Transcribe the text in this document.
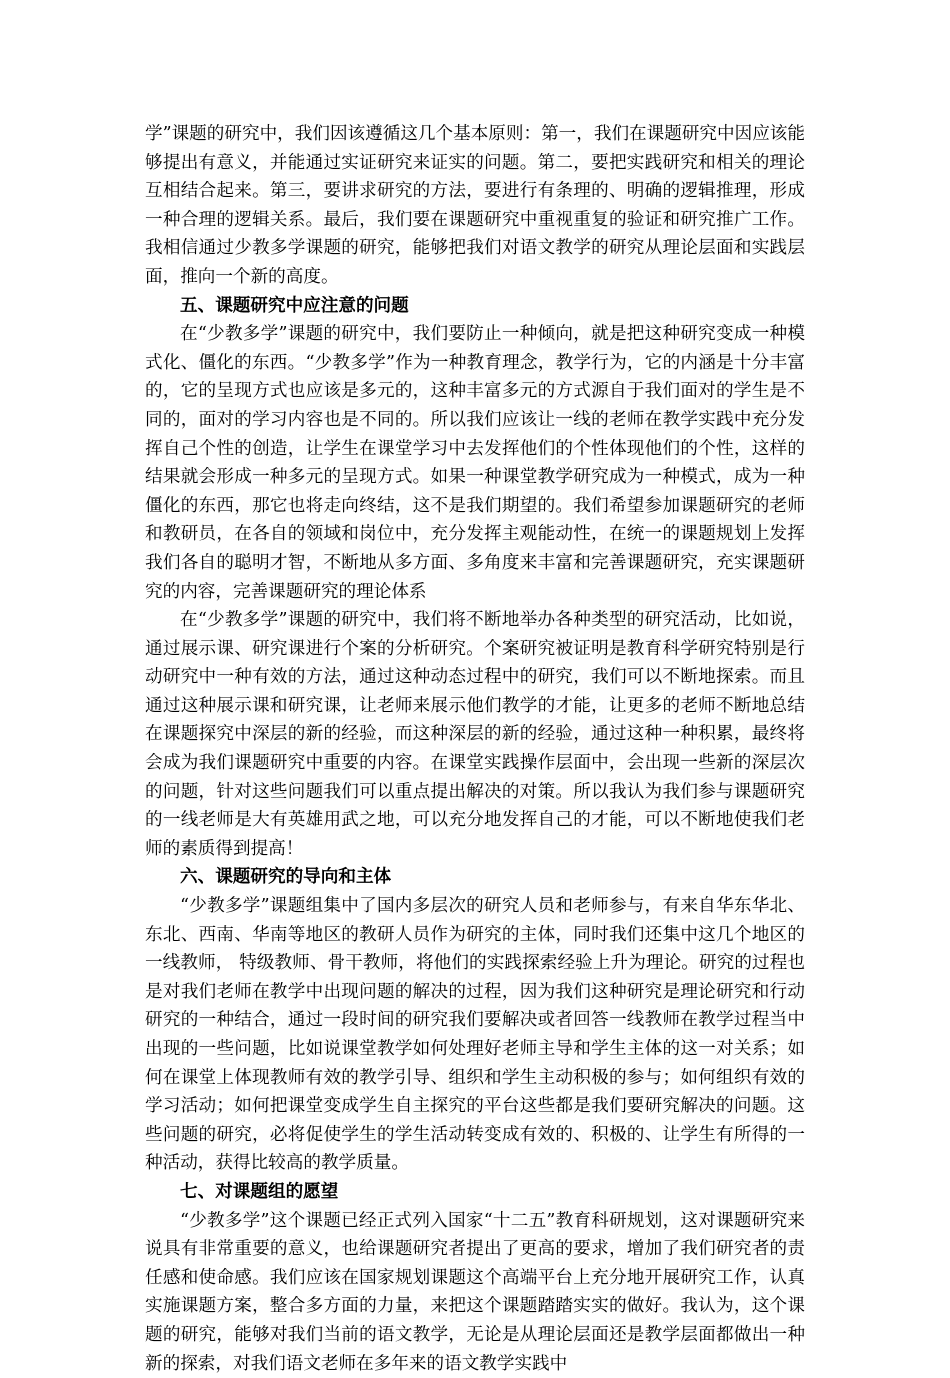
学”课题的研究中，我们因该遵循这几个基本原则：第一，我们在课题研究中因应该能够提出有意义，并能通过实证研究来证实的问题。第二，要把实践研究和相关的理论互相结合起来。第三，要讲求研究的方法，要进行有条理的、明确的逻辑推理，形成一种合理的逻辑关系。最后，我们要在课题研究中重视重复的验证和研究推广工作。我相信通过少教多学课题的研究，能够把我们对语文教学的研究从理论层面和实践层面，推向一个新的高度。

五、课题研究中应注意的问题

在“少教多学”课题的研究中，我们要防止一种倾向，就是把这种研究变成一种模式化、僵化的东西。“少教多学”作为一种教育理念，教学行为，它的内涵是十分丰富的，它的呈现方式也应该是多元的，这种丰富多元的方式源自于我们面对的学生是不同的，面对的学习内容也是不同的。所以我们应该让一线的老师在教学实践中充分发挥自己个性的创造，让学生在课堂学习中去发挥他们的个性体现他们的个性，这样的结果就会形成一种多元的呈现方式。如果一种课堂教学研究成为一种模式，成为一种僵化的东西，那它也将走向终结，这不是我们期望的。我们希望参加课题研究的老师和教研员，在各自的领域和岗位中，充分发挥主观能动性，在统一的课题规划上发挥我们各自的聪明才智，不断地从多方面、多角度来丰富和完善课题研究，充实课题研究的内容，完善课题研究的理论体系

在“少教多学”课题的研究中，我们将不断地举办各种类型的研究活动，比如说，通过展示课、研究课进行个案的分析研究。个案研究被证明是教育科学研究特别是行动研究中一种有效的方法，通过这种动态过程中的研究，我们可以不断地探索。而且通过这种展示课和研究课，让老师来展示他们教学的才能，让更多的老师不断地总结在课题探究中深层的新的经验，而这种深层的新的经验，通过这种一种积累，最终将会成为我们课题研究中重要的内容。在课堂实践操作层面中，会出现一些新的深层次的问题，针对这些问题我们可以重点提出解决的对策。所以我认为我们参与课题研究的一线老师是大有英雄用武之地，可以充分地发挥自己的才能，可以不断地使我们老师的素质得到提高！

六、课题研究的导向和主体

“少教多学”课题组集中了国内多层次的研究人员和老师参与，有来自华东华北、东北、西南、华南等地区的教研人员作为研究的主体，同时我们还集中这几个地区的一线教师， 特级教师、骨干教师，将他们的实践探索经验上升为理论。研究的过程也是对我们老师在教学中出现问题的解决的过程，因为我们这种研究是理论研究和行动研究的一种结合，通过一段时间的研究我们要解决或者回答一线教师在教学过程当中出现的一些问题，比如说课堂教学如何处理好老师主导和学生主体的这一对关系；如何在课堂上体现教师有效的教学引导、组织和学生主动积极的参与；如何组织有效的学习活动；如何把课堂变成学生自主探究的平台这些都是我们要研究解决的问题。这些问题的研究，必将促使学生的学生活动转变成有效的、积极的、让学生有所得的一种活动，获得比较高的教学质量。

七、对课题组的愿望

“少教多学”这个课题已经正式列入国家“十二五”教育科研规划，这对课题研究来说具有非常重要的意义，也给课题研究者提出了更高的要求，增加了我们研究者的责任感和使命感。我们应该在国家规划课题这个高端平台上充分地开展研究工作，认真实施课题方案，整合多方面的力量，来把这个课题踏踏实实的做好。我认为，这个课题的研究，能够对我们当前的语文教学，无论是从理论层面还是教学层面都做出一种新的探索，对我们语文老师在多年来的语文教学实践中
